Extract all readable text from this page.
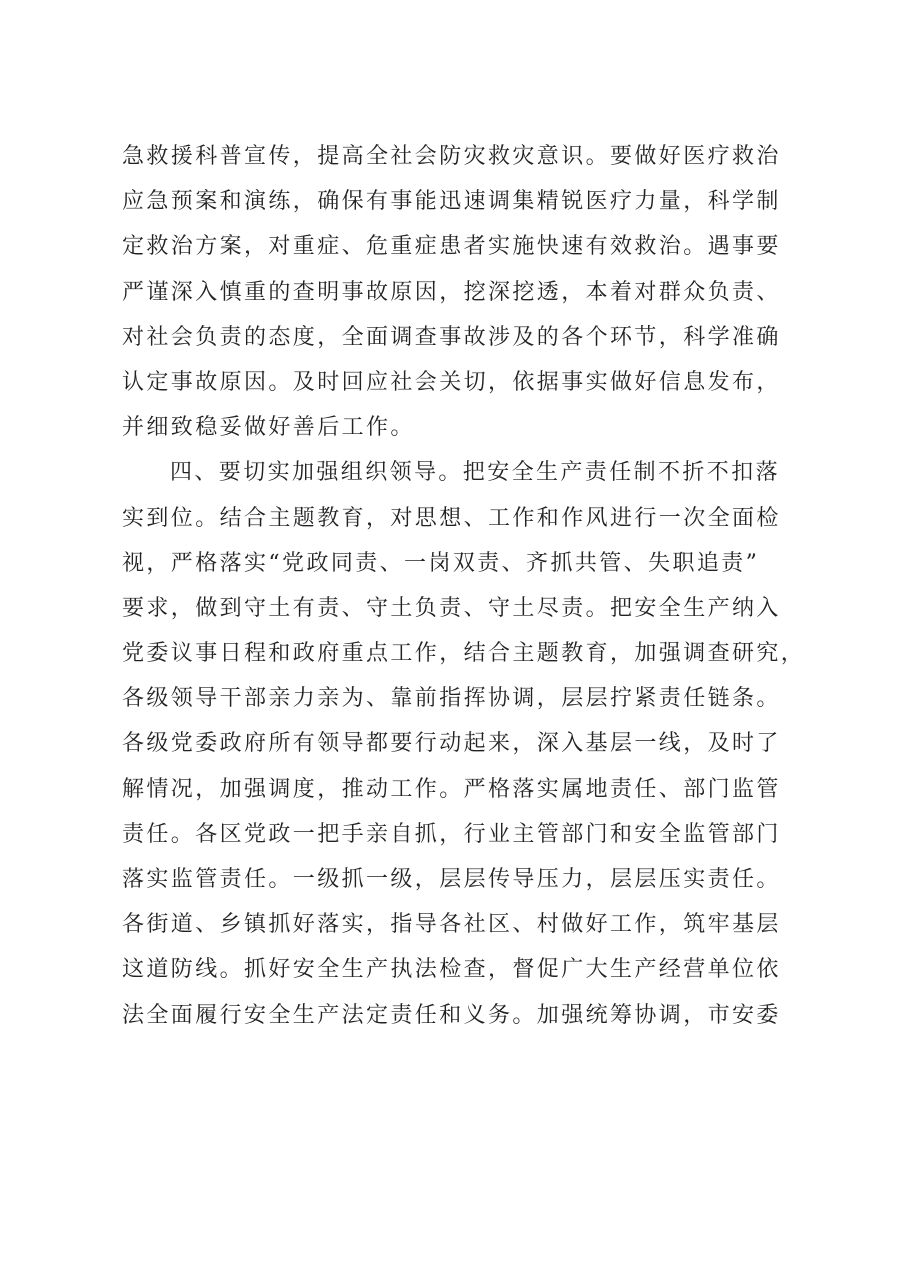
急救援科普宣传，提高全社会防灾救灾意识。要做好医疗救治
应急预案和演练，确保有事能迅速调集精锐医疗力量，科学制
定救治方案，对重症、危重症患者实施快速有效救治。遇事要
严谨深入慎重的查明事故原因，挖深挖透，本着对群众负责、
对社会负责的态度，全面调查事故涉及的各个环节，科学准确
认定事故原因。及时回应社会关切，依据事实做好信息发布，
并细致稳妥做好善后工作。
四、要切实加强组织领导。把安全生产责任制不折不扣落
实到位。结合主题教育，对思想、工作和作风进行一次全面检
视，严格落实“党政同责、一岗双责、齐抓共管、失职追责”
要求，做到守土有责、守土负责、守土尽责。把安全生产纳入
党委议事日程和政府重点工作，结合主题教育，加强调查研究，
各级领导干部亲力亲为、靠前指挥协调，层层拧紧责任链条。
各级党委政府所有领导都要行动起来，深入基层一线，及时了
解情况，加强调度，推动工作。严格落实属地责任、部门监管
责任。各区党政一把手亲自抓，行业主管部门和安全监管部门
落实监管责任。一级抓一级，层层传导压力，层层压实责任。
各街道、乡镇抓好落实，指导各社区、村做好工作，筑牢基层
这道防线。抓好安全生产执法检查，督促广大生产经营单位依
法全面履行安全生产法定责任和义务。加强统筹协调，市安委
